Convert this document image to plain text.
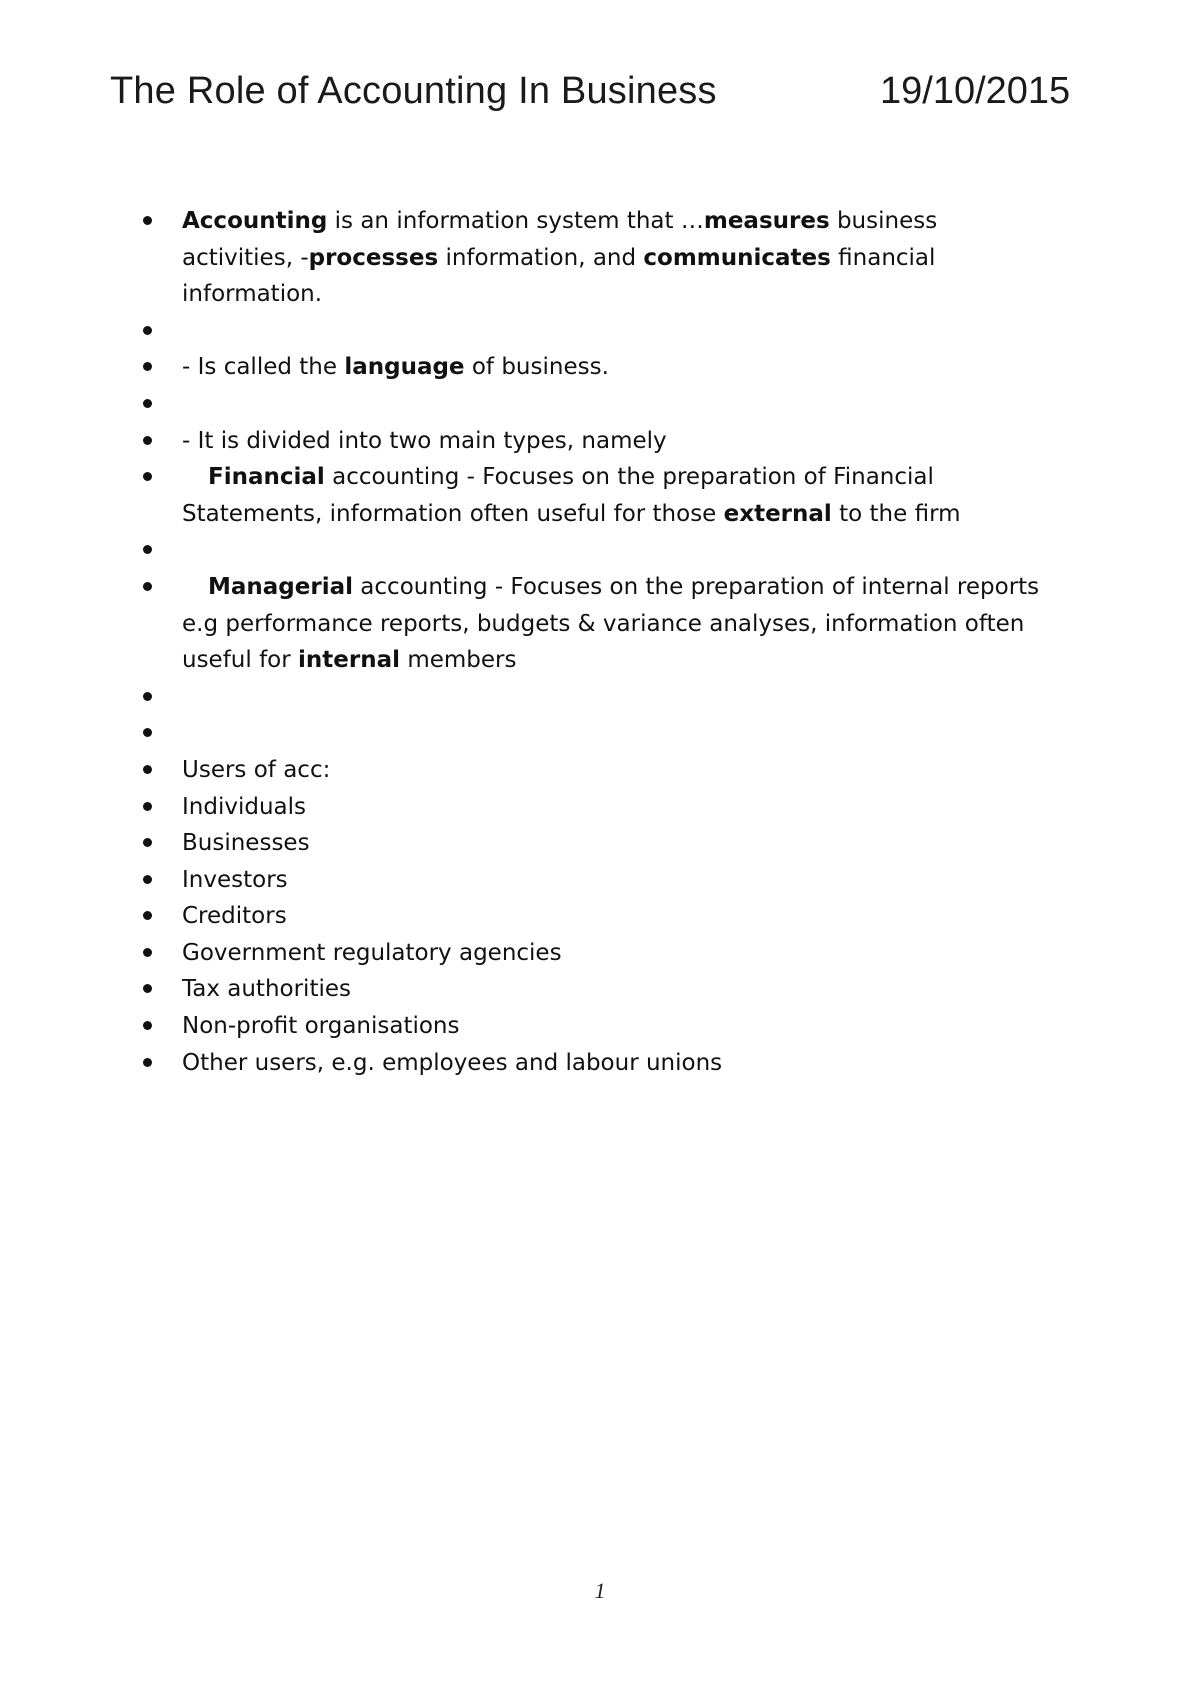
The Role of Accounting In Business	19/10/2015
Accounting is an information system that …measures business activities, -processes information, and communicates financial information.
- Is called the language of business.
- It is divided into two main types, namely
Financial accounting - Focuses on the preparation of Financial Statements, information often useful for those external to the firm
Managerial accounting - Focuses on the preparation of internal reports e.g performance reports, budgets & variance analyses, information often useful for internal members
Users of acc:
Individuals
Businesses
Investors
Creditors
Government regulatory agencies
Tax authorities
Non-profit organisations
Other users, e.g. employees and labour unions
1
